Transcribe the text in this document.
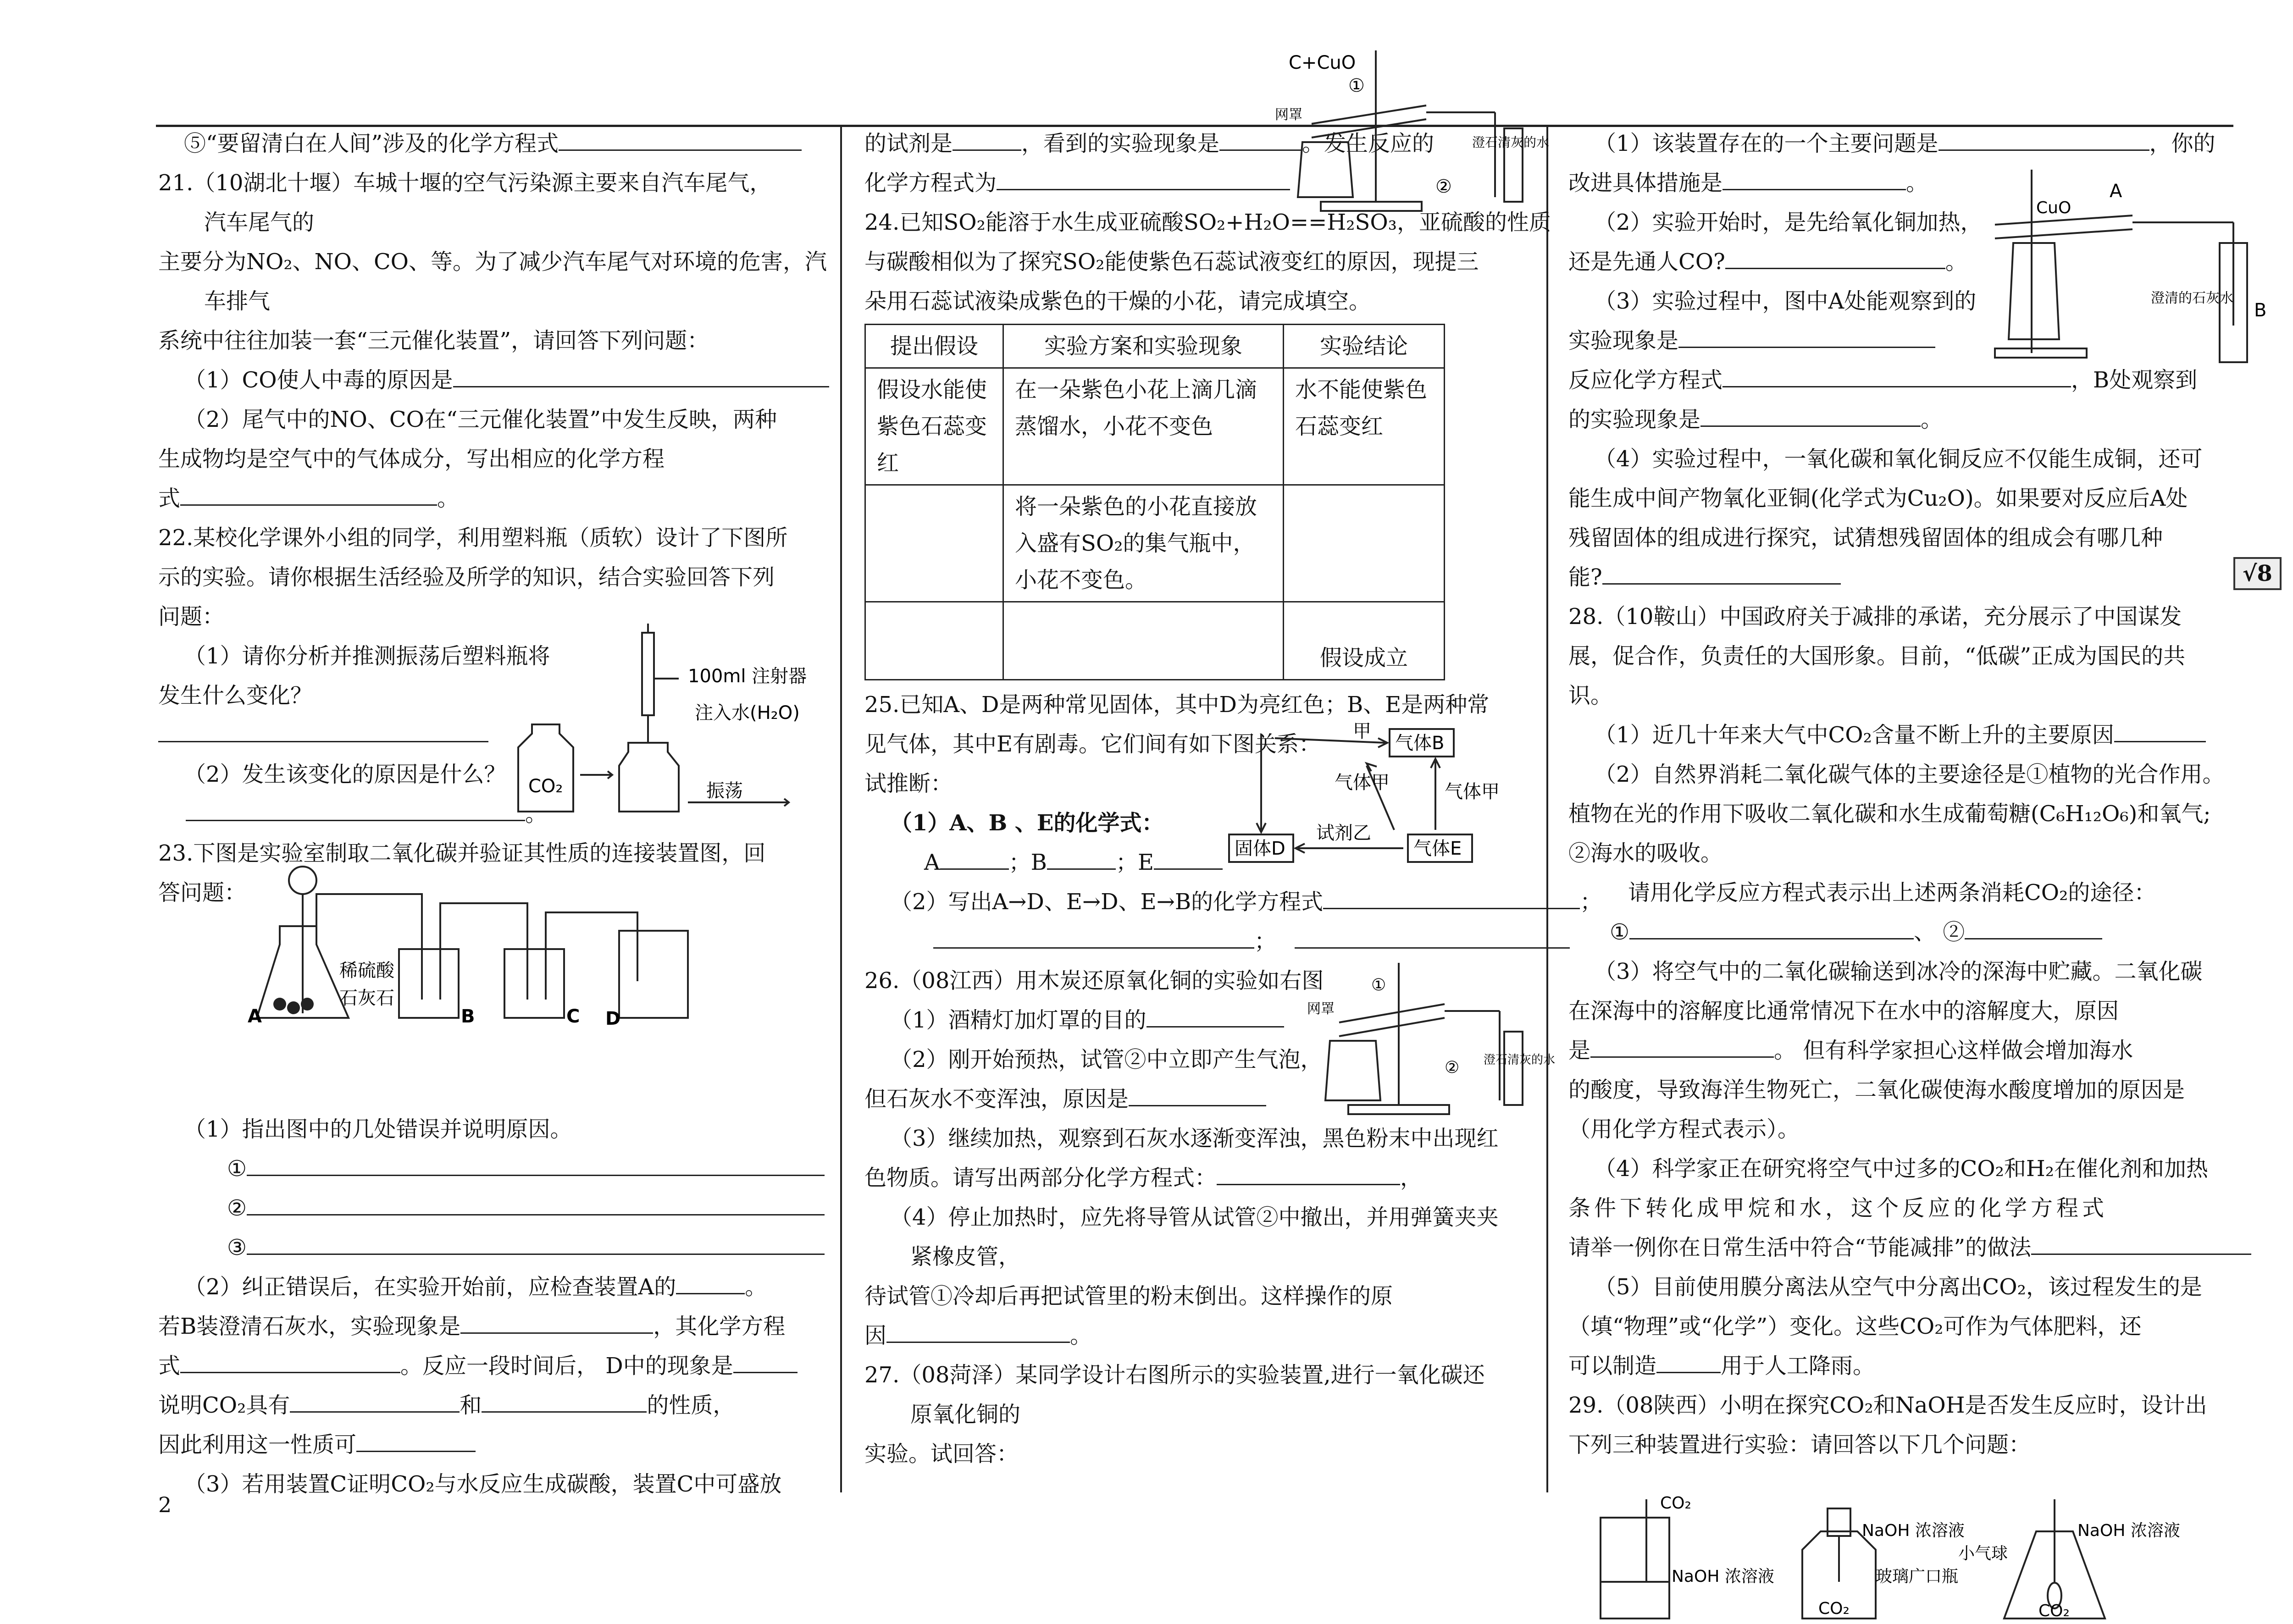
⑤“要留清白在人间”涉及的化学方程式

21.（10湖北十堰）车城十堰的空气污染源主要来自汽车尾气，

汽车尾气的

主要分为NO₂、NO、CO、等。为了减少汽车尾气对环境的危害，汽

车排气

系统中往往加装一套“三元催化装置”，请回答下列问题：

（1）CO使人中毒的原因是

（2）尾气中的NO、CO在“三元催化装置”中发生反映，两种

生成物均是空气中的气体成分，写出相应的化学方程

式	。

22.某校化学课外小组的同学，利用塑料瓶（质软）设计了下图所

示的实验。请你根据生活经验及所学的知识，结合实验回答下列

问题：

（1）请你分析并推测振荡后塑料瓶将

发生什么变化？

（2）发生该变化的原因是什么？

。

23.下图是实验室制取二氧化碳并验证其性质的连接装置图，回

答问题：

（1）指出图中的几处错误并说明原因。

①

②

③

（2）纠正错误后，在实验开始前，应检查装置A的	。

若B装澄清石灰水，实验现象是	，其化学方程

式	。反应一段时间后， D中的现象是

说明CO₂具有	和	的性质，

因此利用这一性质可

（3）若用装置C证明CO₂与水反应生成碳酸，装置C中可盛放

100ml 注射器
注入水(H₂O)
CO₂	振荡
稀硫酸
石灰石
A	B	C D

的试剂是	，看到的实验现象是	。发生反应的

化学方程式为

24.已知SO₂能溶于水生成亚硫酸SO₂+H₂O==H₂SO₃，亚硫酸的性质

与碳酸相似为了探究SO₂能使紫色石蕊试液变红的原因，现提三

朵用石蕊试液染成紫色的干燥的小花，请完成填空。

提出假设	实验方案和实验现象	实验结论
假设水能使紫色石蕊变红	在一朵紫色小花上滴几滴蒸馏水，小花不变色	水不能使紫色石蕊变红
	将一朵紫色的小花直接放入盛有SO₂的集气瓶中，小花不变色。	
		假设成立

25.已知A、D是两种常见固体，其中D为亮红色；B、E是两种常

见气体，其中E有剧毒。它们间有如下图关系：

试推断：

（1）A、B 、E的化学式：

A	；B	；E

（2）写出A→D、E→D、E→B的化学方程式	；

；

26.（08江西）用木炭还原氧化铜的实验如右图

（1）酒精灯加灯罩的目的

（2）刚开始预热，试管②中立即产生气泡，

但石灰水不变浑浊，原因是

（3）继续加热，观察到石灰水逐渐变浑浊，黑色粉末中出现红

色物质。请写出两部分化学方程式：	，

（4）停止加热时，应先将导管从试管②中撤出，并用弹簧夹夹

紧橡皮管，

待试管①冷却后再把试管里的粉末倒出。这样操作的原

因	。

27.（08菏泽）某同学设计右图所示的实验装置,进行一氧化碳还

原氧化铜的

实验。试回答：

气体B
甲
气体甲	气体甲
固体D
试剂乙
气体E
C+CuO
网罩
①
②
澄石清灰的水
网罩
①
② 澄石清灰的水

（1）该装置存在的一个主要问题是	，你的

改进具体措施是	。

（2）实验开始时，是先给氧化铜加热，

还是先通人CO?	。

（3）实验过程中，图中A处能观察到的

实验现象是

反应化学方程式	，B处观察到

的实验现象是	。

（4）实验过程中，一氧化碳和氧化铜反应不仅能生成铜，还可

能生成中间产物氧化亚铜(化学式为Cu₂O)。如果要对反应后A处

残留固体的组成进行探究，试猜想残留固体的组成会有哪几种

能?

28.（10鞍山）中国政府关于减排的承诺，充分展示了中国谋发

展，促合作，负责任的大国形象。目前，“低碳”正成为国民的共

识。

（1）近几十年来大气中CO₂含量不断上升的主要原因

（2）自然界消耗二氧化碳气体的主要途径是①植物的光合作用。

植物在光的作用下吸收二氧化碳和水生成葡萄糖(C₆H₁₂O₆)和氧气;

②海水的吸收。

请用化学反应方程式表示出上述两条消耗CO₂的途径：

①	、 ②

（3）将空气中的二氧化碳输送到冰冷的深海中贮藏。二氧化碳

在深海中的溶解度比通常情况下在水中的溶解度大，原因

是	。 但有科学家担心这样做会增加海水

的酸度，导致海洋生物死亡，二氧化碳使海水酸度增加的原因是

（用化学方程式表示）。

（4）科学家正在研究将空气中过多的CO₂和H₂在催化剂和加热

条件下转化成甲烷和水，这个反应的化学方程式

请举一例你在日常生活中符合“节能减排”的做法

（5）目前使用膜分离法从空气中分离出CO₂，该过程发生的是

（填“物理”或“化学”）变化。这些CO₂可作为气体肥料，还

可以制造	用于人工降雨。

29.（08陕西）小明在探究CO₂和NaOH是否发生反应时，设计出

下列三种装置进行实验：请回答以下几个问题：

CuO
A
B
澄清的石灰水
CO₂
NaOH 浓溶液
NaOH 浓溶液
玻璃广口瓶
CO₂
小气球
NaOH 浓溶液
CO₂
√8
2
